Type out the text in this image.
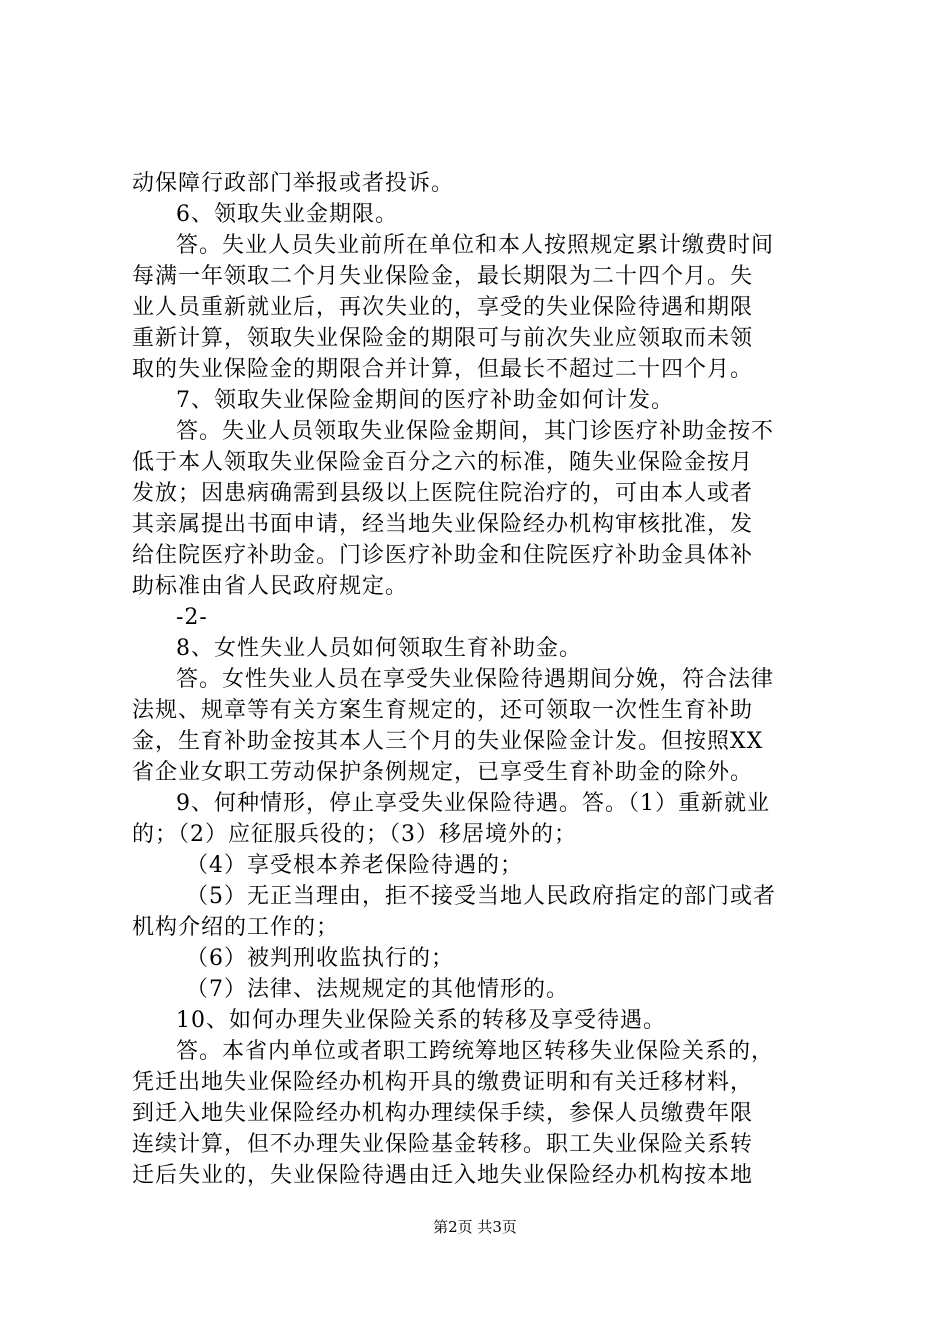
动保障行政部门举报或者投诉。
6、领取失业金期限。
答。失业人员失业前所在单位和本人按照规定累计缴费时间
每满一年领取二个月失业保险金，最长期限为二十四个月。失
业人员重新就业后，再次失业的，享受的失业保险待遇和期限
重新计算，领取失业保险金的期限可与前次失业应领取而未领
取的失业保险金的期限合并计算，但最长不超过二十四个月。
7、领取失业保险金期间的医疗补助金如何计发。
答。失业人员领取失业保险金期间，其门诊医疗补助金按不
低于本人领取失业保险金百分之六的标准，随失业保险金按月
发放；因患病确需到县级以上医院住院治疗的，可由本人或者
其亲属提出书面申请，经当地失业保险经办机构审核批准，发
给住院医疗补助金。门诊医疗补助金和住院医疗补助金具体补
助标准由省人民政府规定。
-2-
8、女性失业人员如何领取生育补助金。
答。女性失业人员在享受失业保险待遇期间分娩，符合法律
法规、规章等有关方案生育规定的，还可领取一次性生育补助
金，生育补助金按其本人三个月的失业保险金计发。但按照XX
省企业女职工劳动保护条例规定，已享受生育补助金的除外。
9、何种情形，停止享受失业保险待遇。答。（1）重新就业
的；（2）应征服兵役的；（3）移居境外的；
（4）享受根本养老保险待遇的；
（5）无正当理由，拒不接受当地人民政府指定的部门或者
机构介绍的工作的；
（6）被判刑收监执行的；
（7）法律、法规规定的其他情形的。
10、如何办理失业保险关系的转移及享受待遇。
答。本省内单位或者职工跨统筹地区转移失业保险关系的，
凭迁出地失业保险经办机构开具的缴费证明和有关迁移材料，
到迁入地失业保险经办机构办理续保手续，参保人员缴费年限
连续计算，但不办理失业保险基金转移。职工失业保险关系转
迁后失业的，失业保险待遇由迁入地失业保险经办机构按本地
第2页 共3页
